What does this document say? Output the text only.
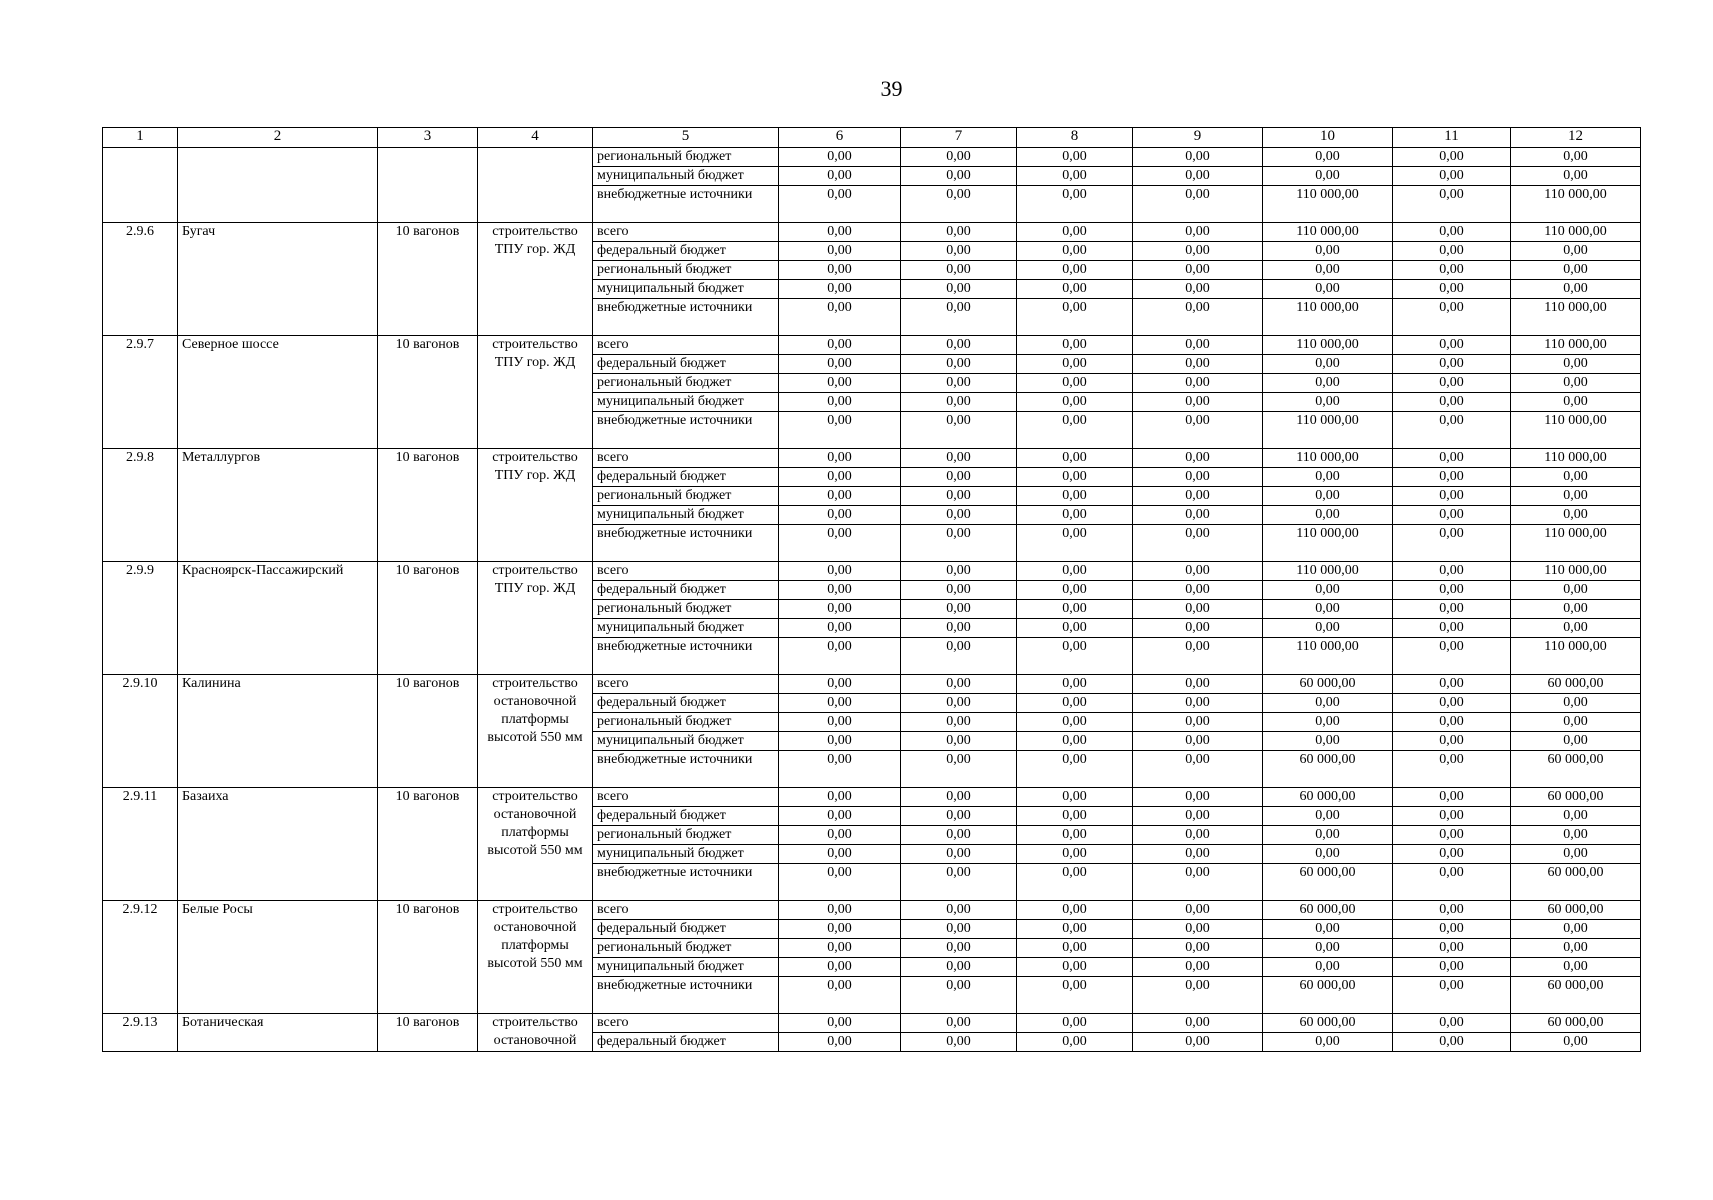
39
1	2	3	4	5	6	7	8	9	10	11	12
				региональный бюджет	0,00	0,00	0,00	0,00	0,00	0,00	0,00
				муниципальный бюджет	0,00	0,00	0,00	0,00	0,00	0,00	0,00
				внебюджетные источники	0,00	0,00	0,00	0,00	110 000,00	0,00	110 000,00
2.9.6	Бугач	10 вагонов	строительство ТПУ гор. ЖД	всего	0,00	0,00	0,00	0,00	110 000,00	0,00	110 000,00
				федеральный бюджет	0,00	0,00	0,00	0,00	0,00	0,00	0,00
				региональный бюджет	0,00	0,00	0,00	0,00	0,00	0,00	0,00
				муниципальный бюджет	0,00	0,00	0,00	0,00	0,00	0,00	0,00
				внебюджетные источники	0,00	0,00	0,00	0,00	110 000,00	0,00	110 000,00
2.9.7	Северное шоссе	10 вагонов	строительство ТПУ гор. ЖД	всего	0,00	0,00	0,00	0,00	110 000,00	0,00	110 000,00
				федеральный бюджет	0,00	0,00	0,00	0,00	0,00	0,00	0,00
				региональный бюджет	0,00	0,00	0,00	0,00	0,00	0,00	0,00
				муниципальный бюджет	0,00	0,00	0,00	0,00	0,00	0,00	0,00
				внебюджетные источники	0,00	0,00	0,00	0,00	110 000,00	0,00	110 000,00
2.9.8	Металлургов	10 вагонов	строительство ТПУ гор. ЖД	всего	0,00	0,00	0,00	0,00	110 000,00	0,00	110 000,00
				федеральный бюджет	0,00	0,00	0,00	0,00	0,00	0,00	0,00
				региональный бюджет	0,00	0,00	0,00	0,00	0,00	0,00	0,00
				муниципальный бюджет	0,00	0,00	0,00	0,00	0,00	0,00	0,00
				внебюджетные источники	0,00	0,00	0,00	0,00	110 000,00	0,00	110 000,00
2.9.9	Красноярск-Пассажирский	10 вагонов	строительство ТПУ гор. ЖД	всего	0,00	0,00	0,00	0,00	110 000,00	0,00	110 000,00
				федеральный бюджет	0,00	0,00	0,00	0,00	0,00	0,00	0,00
				региональный бюджет	0,00	0,00	0,00	0,00	0,00	0,00	0,00
				муниципальный бюджет	0,00	0,00	0,00	0,00	0,00	0,00	0,00
				внебюджетные источники	0,00	0,00	0,00	0,00	110 000,00	0,00	110 000,00
2.9.10	Калинина	10 вагонов	строительство остановочной платформы высотой 550 мм	всего	0,00	0,00	0,00	0,00	60 000,00	0,00	60 000,00
				федеральный бюджет	0,00	0,00	0,00	0,00	0,00	0,00	0,00
				региональный бюджет	0,00	0,00	0,00	0,00	0,00	0,00	0,00
				муниципальный бюджет	0,00	0,00	0,00	0,00	0,00	0,00	0,00
				внебюджетные источники	0,00	0,00	0,00	0,00	60 000,00	0,00	60 000,00
2.9.11	Базаиха	10 вагонов	строительство остановочной платформы высотой 550 мм	всего	0,00	0,00	0,00	0,00	60 000,00	0,00	60 000,00
				федеральный бюджет	0,00	0,00	0,00	0,00	0,00	0,00	0,00
				региональный бюджет	0,00	0,00	0,00	0,00	0,00	0,00	0,00
				муниципальный бюджет	0,00	0,00	0,00	0,00	0,00	0,00	0,00
				внебюджетные источники	0,00	0,00	0,00	0,00	60 000,00	0,00	60 000,00
2.9.12	Белые Росы	10 вагонов	строительство остановочной платформы высотой 550 мм	всего	0,00	0,00	0,00	0,00	60 000,00	0,00	60 000,00
				федеральный бюджет	0,00	0,00	0,00	0,00	0,00	0,00	0,00
				региональный бюджет	0,00	0,00	0,00	0,00	0,00	0,00	0,00
				муниципальный бюджет	0,00	0,00	0,00	0,00	0,00	0,00	0,00
				внебюджетные источники	0,00	0,00	0,00	0,00	60 000,00	0,00	60 000,00
2.9.13	Ботаническая	10 вагонов	строительство остановочной	всего	0,00	0,00	0,00	0,00	60 000,00	0,00	60 000,00
				федеральный бюджет	0,00	0,00	0,00	0,00	0,00	0,00	0,00
